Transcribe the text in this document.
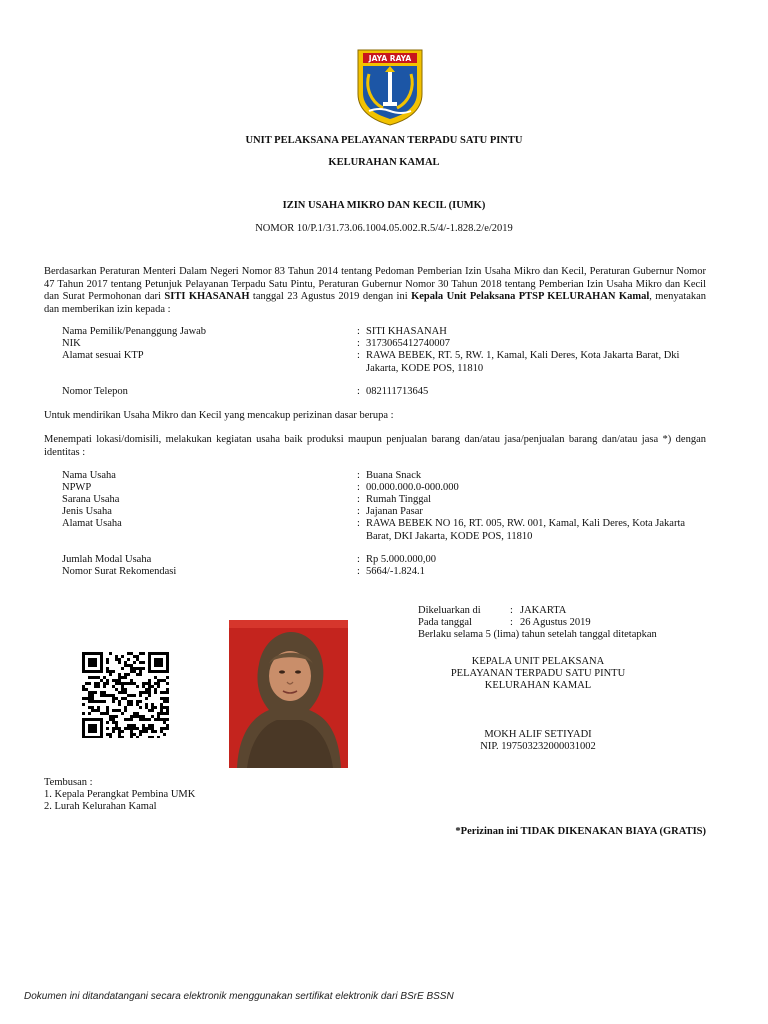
JAYA RAYA
UNIT PELAKSANA PELAYANAN TERPADU SATU PINTU
KELURAHAN KAMAL
IZIN USAHA MIKRO DAN KECIL (IUMK)
NOMOR 10/P.1/31.73.06.1004.05.002.R.5/4/-1.828.2/e/2019
Berdasarkan Peraturan Menteri Dalam Negeri Nomor 83 Tahun 2014 tentang Pedoman Pemberian Izin Usaha Mikro dan Kecil, Peraturan Gubernur Nomor 47 Tahun 2017 tentang Petunjuk Pelayanan Terpadu Satu Pintu, Peraturan Gubernur Nomor 30 Tahun 2018 tentang Pemberian Izin Usaha Mikro dan Kecil dan Surat Permohonan dari SITI KHASANAH tanggal 23 Agustus 2019 dengan ini Kepala Unit Pelaksana PTSP KELURAHAN Kamal, menyatakan dan memberikan izin kepada :
Nama Pemilik/Penanggung Jawab	: SITI KHASANAH
NIK	: 3173065412740007
Alamat sesuai KTP	: RAWA BEBEK, RT. 5, RW. 1, Kamal, Kali Deres, Kota Jakarta Barat, Dki Jakarta, KODE POS, 11810
Nomor Telepon	: 082111713645
Untuk mendirikan Usaha Mikro dan Kecil yang mencakup perizinan dasar berupa :
Menempati lokasi/domisili, melakukan kegiatan usaha baik produksi maupun penjualan barang dan/atau jasa/penjualan barang dan/atau jasa *) dengan identitas :
Nama Usaha	: Buana Snack
NPWP	: 00.000.000.0-000.000
Sarana Usaha	: Rumah Tinggal
Jenis Usaha	: Jajanan Pasar
Alamat Usaha	: RAWA BEBEK NO 16, RT. 005, RW. 001, Kamal, Kali Deres, Kota Jakarta Barat, DKI Jakarta, KODE POS, 11810
Jumlah Modal Usaha	: Rp 5.000.000,00
Nomor Surat Rekomendasi	: 5664/-1.824.1
Dikeluarkan di	: JAKARTA
Pada tanggal	: 26 Agustus 2019
Berlaku selama 5 (lima) tahun setelah tanggal ditetapkan
KEPALA UNIT PELAKSANA
PELAYANAN TERPADU SATU PINTU
KELURAHAN KAMAL
MOKH ALIF SETIYADI
NIP. 197503232000031002
Tembusan :
1. Kepala Perangkat Pembina UMK
2. Lurah Kelurahan Kamal
*Perizinan ini TIDAK DIKENAKAN BIAYA (GRATIS)
Dokumen ini ditandatangani secara elektronik menggunakan sertifikat elektronik dari BSrE BSSN
